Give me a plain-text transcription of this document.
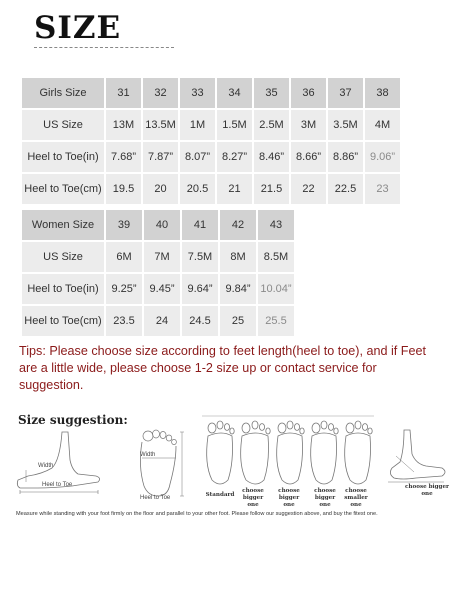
SIZE
Girls Size	31	32	33	34	35	36	37	38
US Size	13M	13.5M	1M	1.5M	2.5M	3M	3.5M	4M
Heel to Toe(in)	7.68”	7.87”	8.07”	8.27”	8.46”	8.66”	8.86”	9.06”
Heel to Toe(cm)	19.5	20	20.5	21	21.5	22	22.5	23
Women Size	39	40	41	42	43
US Size	6M	7M	7.5M	8M	8.5M
Heel to Toe(in)	9.25”	9.45”	9.64”	9.84”	10.04”
Heel to Toe(cm)	23.5	24	24.5	25	25.5
Tips: Please choose size according to feet length(heel to toe), and if Feet are a little wide, please choose 1-2 size up or contact service for suggestion.
Size suggestion:
Width
Heel to Toe
Width
Heel to Toe	Standard
choose bigger one
choose bigger one
choose bigger one
choose smaller one
choose bigger one
Measure while standing with your foot firmly on the floor and parallel to your other foot. Please follow our suggestion above, and buy the fitest one.
